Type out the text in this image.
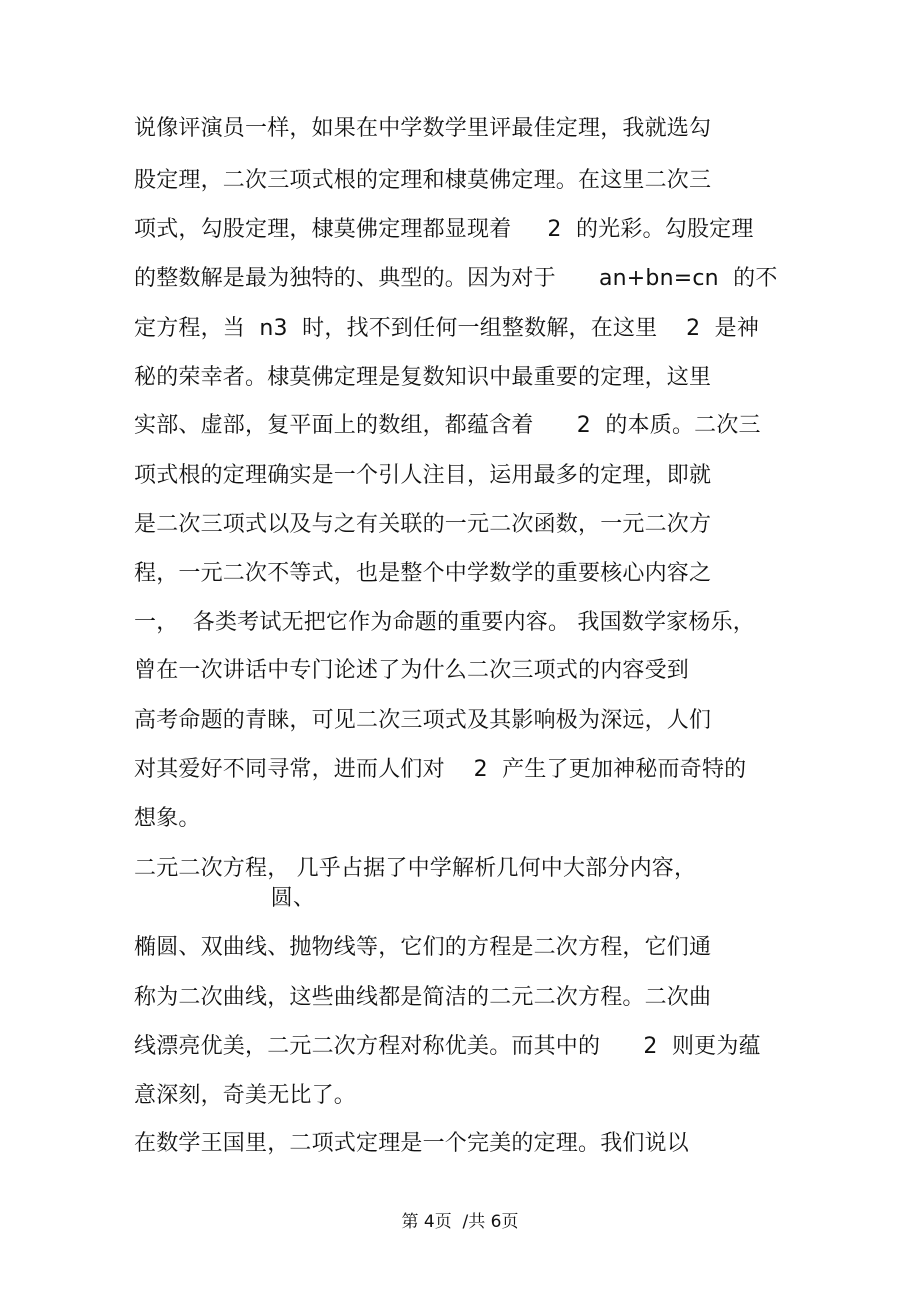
说像评演员一样，如果在中学数学里评最佳定理，我就选勾
股定理，二次三项式根的定理和棣莫佛定理。在这里二次三
项式，勾股定理，棣莫佛定理都显现着     2  的光彩。勾股定理
的整数解是最为独特的、典型的。因为对于      an+bn=cn  的不
定方程，当  n3  时，找不到任何一组整数解，在这里    2  是神
秘的荣幸者。棣莫佛定理是复数知识中最重要的定理，这里
实部、虚部，复平面上的数组，都蕴含着      2  的本质。二次三
项式根的定理确实是一个引人注目，运用最多的定理，即就
是二次三项式以及与之有关联的一元二次函数，一元二次方
程，一元二次不等式，也是整个中学数学的重要核心内容之
一，  各类考试无把它作为命题的重要内容。 我国数学家杨乐，
曾在一次讲话中专门论述了为什么二次三项式的内容受到
高考命题的青睐，可见二次三项式及其影响极为深远，人们
对其爱好不同寻常，进而人们对    2  产生了更加神秘而奇特的
想象。
二元二次方程， 几乎占据了中学解析几何中大部分内容，
圆、
椭圆、双曲线、抛物线等，它们的方程是二次方程，它们通
称为二次曲线，这些曲线都是简洁的二元二次方程。二次曲
线漂亮优美，二元二次方程对称优美。而其中的      2  则更为蕴
意深刻，奇美无比了。
在数学王国里，二项式定理是一个完美的定理。我们说以
第 4页  /共 6页
